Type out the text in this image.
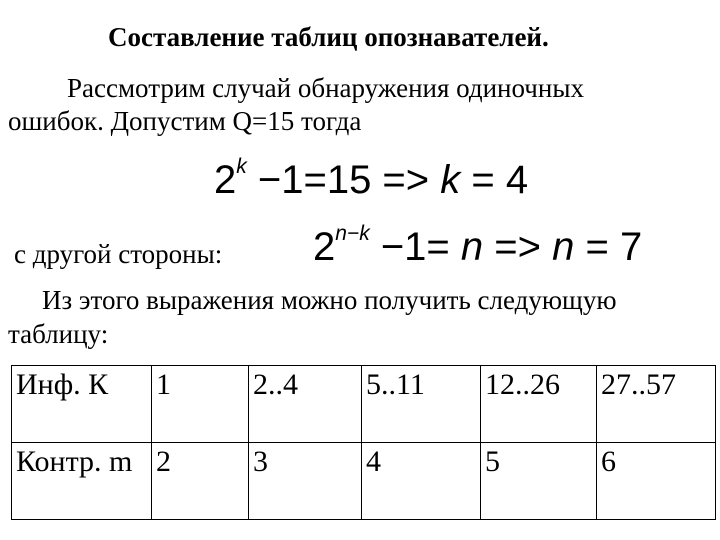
Составление таблиц опознавателей.
Рассмотрим случай обнаружения одиночных
ошибок. Допустим Q=15 тогда
$2^k -1=15 => k = 4$
с другой стороны: $2^{n-k} -1= n => n = 7$
Из этого выражения можно получить следующую
таблицу:
Инф. К	1	2..4	5..11	12..26	27..57
Контр. m	2	3	4	5	6
